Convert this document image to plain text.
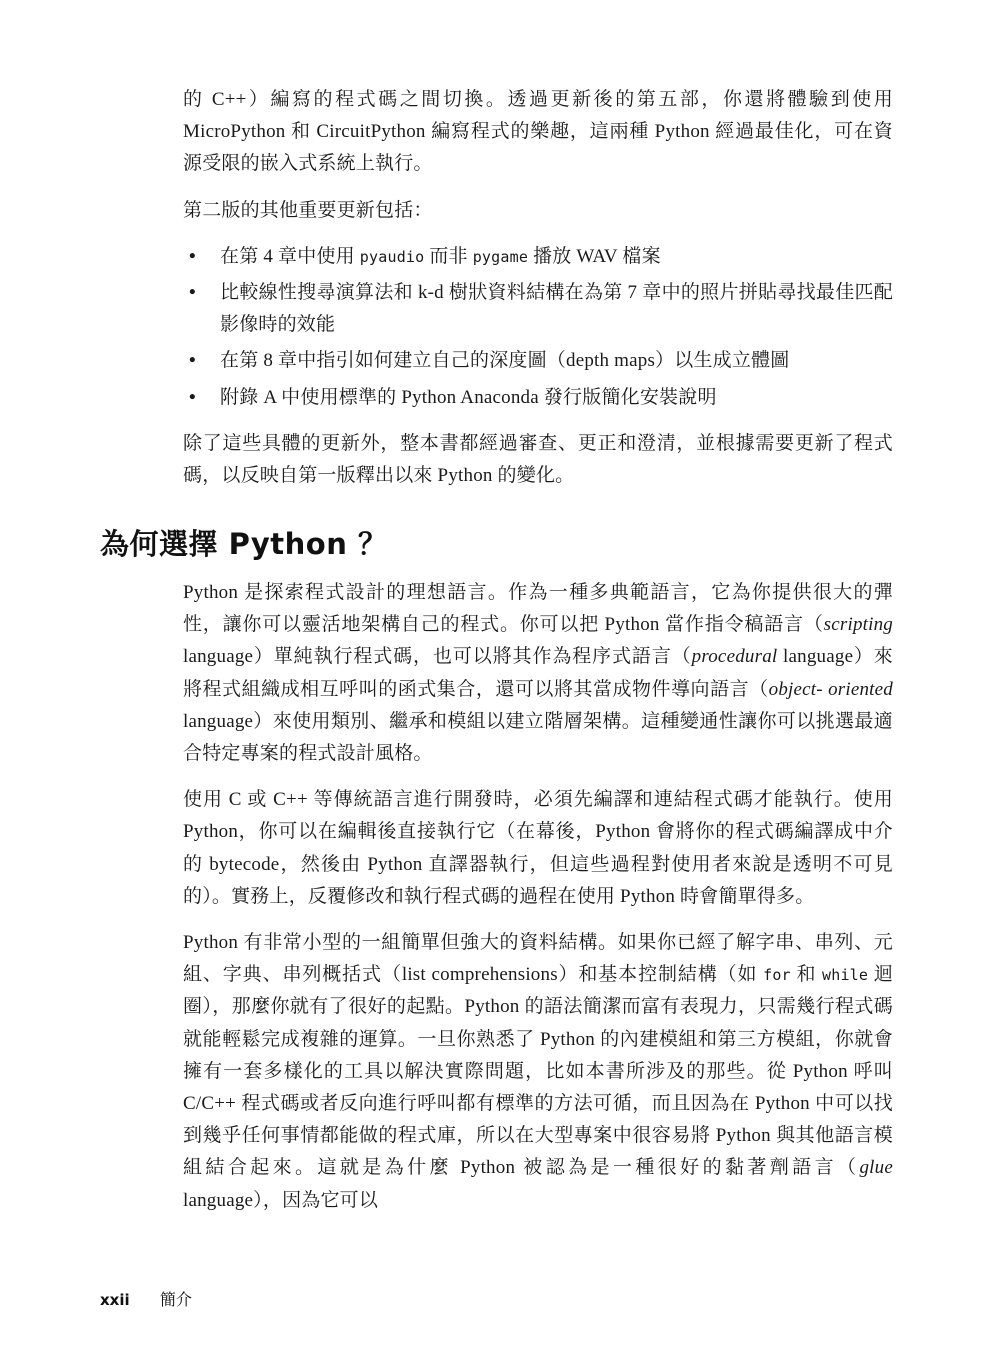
的 C++）編寫的程式碼之間切換。透過更新後的第五部，你還將體驗到使用 MicroPython 和 CircuitPython 編寫程式的樂趣，這兩種 Python 經過最佳化，可在資源受限的嵌入式系統上執行。

第二版的其他重要更新包括：

• 在第 4 章中使用 pyaudio 而非 pygame 播放 WAV 檔案
• 比較線性搜尋演算法和 k-d 樹狀資料結構在為第 7 章中的照片拼貼尋找最佳匹配影像時的效能
• 在第 8 章中指引如何建立自己的深度圖（depth maps）以生成立體圖
• 附錄 A 中使用標準的 Python Anaconda 發行版簡化安裝說明

除了這些具體的更新外，整本書都經過審查、更正和澄清，並根據需要更新了程式碼，以反映自第一版釋出以來 Python 的變化。

為何選擇 Python ？

Python 是探索程式設計的理想語言。作為一種多典範語言，它為你提供很大的彈性，讓你可以靈活地架構自己的程式。你可以把 Python 當作指令稿語言（scripting language）單純執行程式碼，也可以將其作為程序式語言（procedural language）來將程式組織成相互呼叫的函式集合，還可以將其當成物件導向語言（object- oriented language）來使用類別、繼承和模組以建立階層架構。這種變通性讓你可以挑選最適合特定專案的程式設計風格。

使用 C 或 C++ 等傳統語言進行開發時，必須先編譯和連結程式碼才能執行。使用 Python，你可以在編輯後直接執行它（在幕後，Python 會將你的程式碼編譯成中介的 bytecode，然後由 Python 直譯器執行，但這些過程對使用者來說是透明不可見的）。實務上，反覆修改和執行程式碼的過程在使用 Python 時會簡單得多。

Python 有非常小型的一組簡單但強大的資料結構。如果你已經了解字串、串列、元組、字典、串列概括式（list comprehensions）和基本控制結構（如 for 和 while 迴圈），那麼你就有了很好的起點。Python 的語法簡潔而富有表現力，只需幾行程式碼就能輕鬆完成複雜的運算。一旦你熟悉了 Python 的內建模組和第三方模組，你就會擁有一套多樣化的工具以解決實際問題，比如本書所涉及的那些。從 Python 呼叫 C/C++ 程式碼或者反向進行呼叫都有標準的方法可循，而且因為在 Python 中可以找到幾乎任何事情都能做的程式庫，所以在大型專案中很容易將 Python 與其他語言模組結合起來。這就是為什麼 Python 被認為是一種很好的黏著劑語言（glue language），因為它可以

xxii 簡介
